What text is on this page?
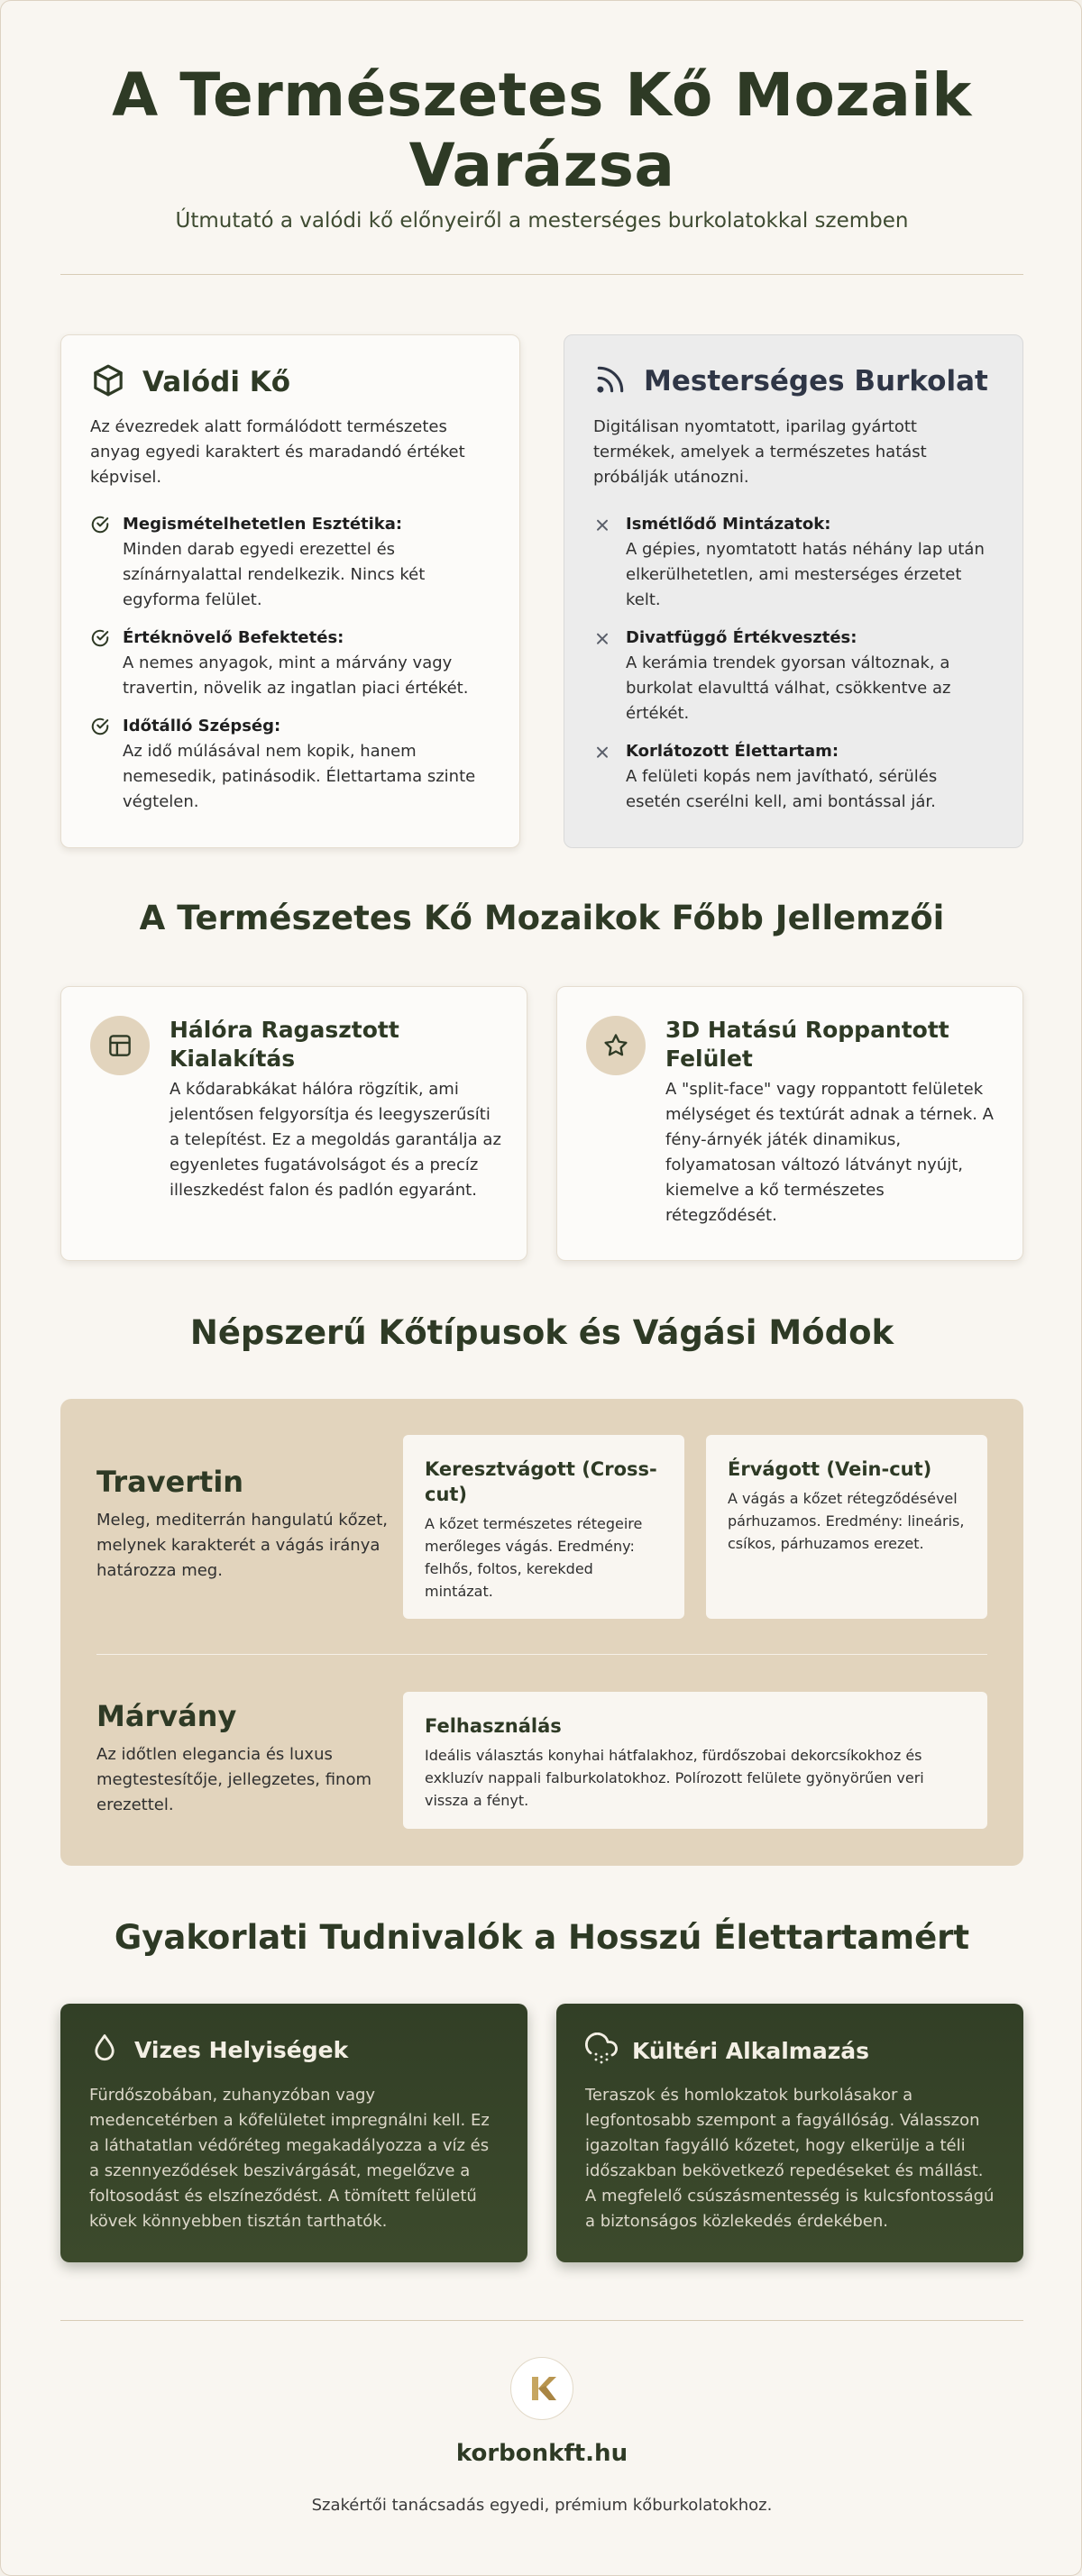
A Természetes Kő Mozaik
Varázsa
Útmutató a valódi kő előnyeiről a mesterséges burkolatokkal szemben
Valódi Kő
Az évezredek alatt formálódott természetes anyag egyedi karaktert és maradandó értéket képvisel.
Megismételhetetlen Esztétika:
Minden darab egyedi erezettel és színárnyalattal rendelkezik. Nincs két egyforma felület.
Értéknövelő Befektetés:
A nemes anyagok, mint a márvány vagy travertin, növelik az ingatlan piaci értékét.
Időtálló Szépség:
Az idő múlásával nem kopik, hanem nemesedik, patinásodik. Élettartama szinte végtelen.
Mesterséges Burkolat
Digitálisan nyomtatott, iparilag gyártott termékek, amelyek a természetes hatást próbálják utánozni.
Ismétlődő Mintázatok:
A gépies, nyomtatott hatás néhány lap után elkerülhetetlen, ami mesterséges érzetet kelt.
Divatfüggő Értékvesztés:
A kerámia trendek gyorsan változnak, a burkolat elavulttá válhat, csökkentve az értékét.
Korlátozott Élettartam:
A felületi kopás nem javítható, sérülés esetén cserélni kell, ami bontással jár.
A Természetes Kő Mozaikok Főbb Jellemzői
Hálóra Ragasztott Kialakítás
A kődarabkákat hálóra rögzítik, ami jelentősen felgyorsítja és leegyszerűsíti a telepítést. Ez a megoldás garantálja az egyenletes fugatávolságot és a precíz illeszkedést falon és padlón egyaránt.
3D Hatású Roppantott Felület
A "split-face" vagy roppantott felületek mélységet és textúrát adnak a térnek. A fény-árnyék játék dinamikus, folyamatosan változó látványt nyújt, kiemelve a kő természetes rétegződését.
Népszerű Kőtípusok és Vágási Módok
Travertin
Meleg, mediterrán hangulatú kőzet, melynek karakterét a vágás iránya határozza meg.
Keresztvágott (Cross-cut)
A kőzet természetes rétegeire merőleges vágás. Eredmény: felhős, foltos, kerekded mintázat.
Érvágott (Vein-cut)
A vágás a kőzet rétegződésével párhuzamos. Eredmény: lineáris, csíkos, párhuzamos erezet.
Márvány
Az időtlen elegancia és luxus megtestesítője, jellegzetes, finom erezettel.
Felhasználás
Ideális választás konyhai hátfalakhoz, fürdőszobai dekorcsíkokhoz és exkluzív nappali falburkolatokhoz. Polírozott felülete gyönyörűen veri vissza a fényt.
Gyakorlati Tudnivalók a Hosszú Élettartamért
Vizes Helyiségek
Fürdőszobában, zuhanyzóban vagy medencetérben a kőfelületet impregnálni kell. Ez a láthatatlan védőréteg megakadályozza a víz és a szennyeződések beszivárgását, megelőzve a foltosodást és elszíneződést. A tömített felületű kövek könnyebben tisztán tarthatók.
Kültéri Alkalmazás
Teraszok és homlokzatok burkolásakor a legfontosabb szempont a fagyállóság. Válasszon igazoltan fagyálló kőzetet, hogy elkerülje a téli időszakban bekövetkező repedéseket és mállást. A megfelelő csúszásmentesség is kulcsfontosságú a biztonságos közlekedés érdekében.
korbonkft.hu
Szakértői tanácsadás egyedi, prémium kőburkolatokhoz.
